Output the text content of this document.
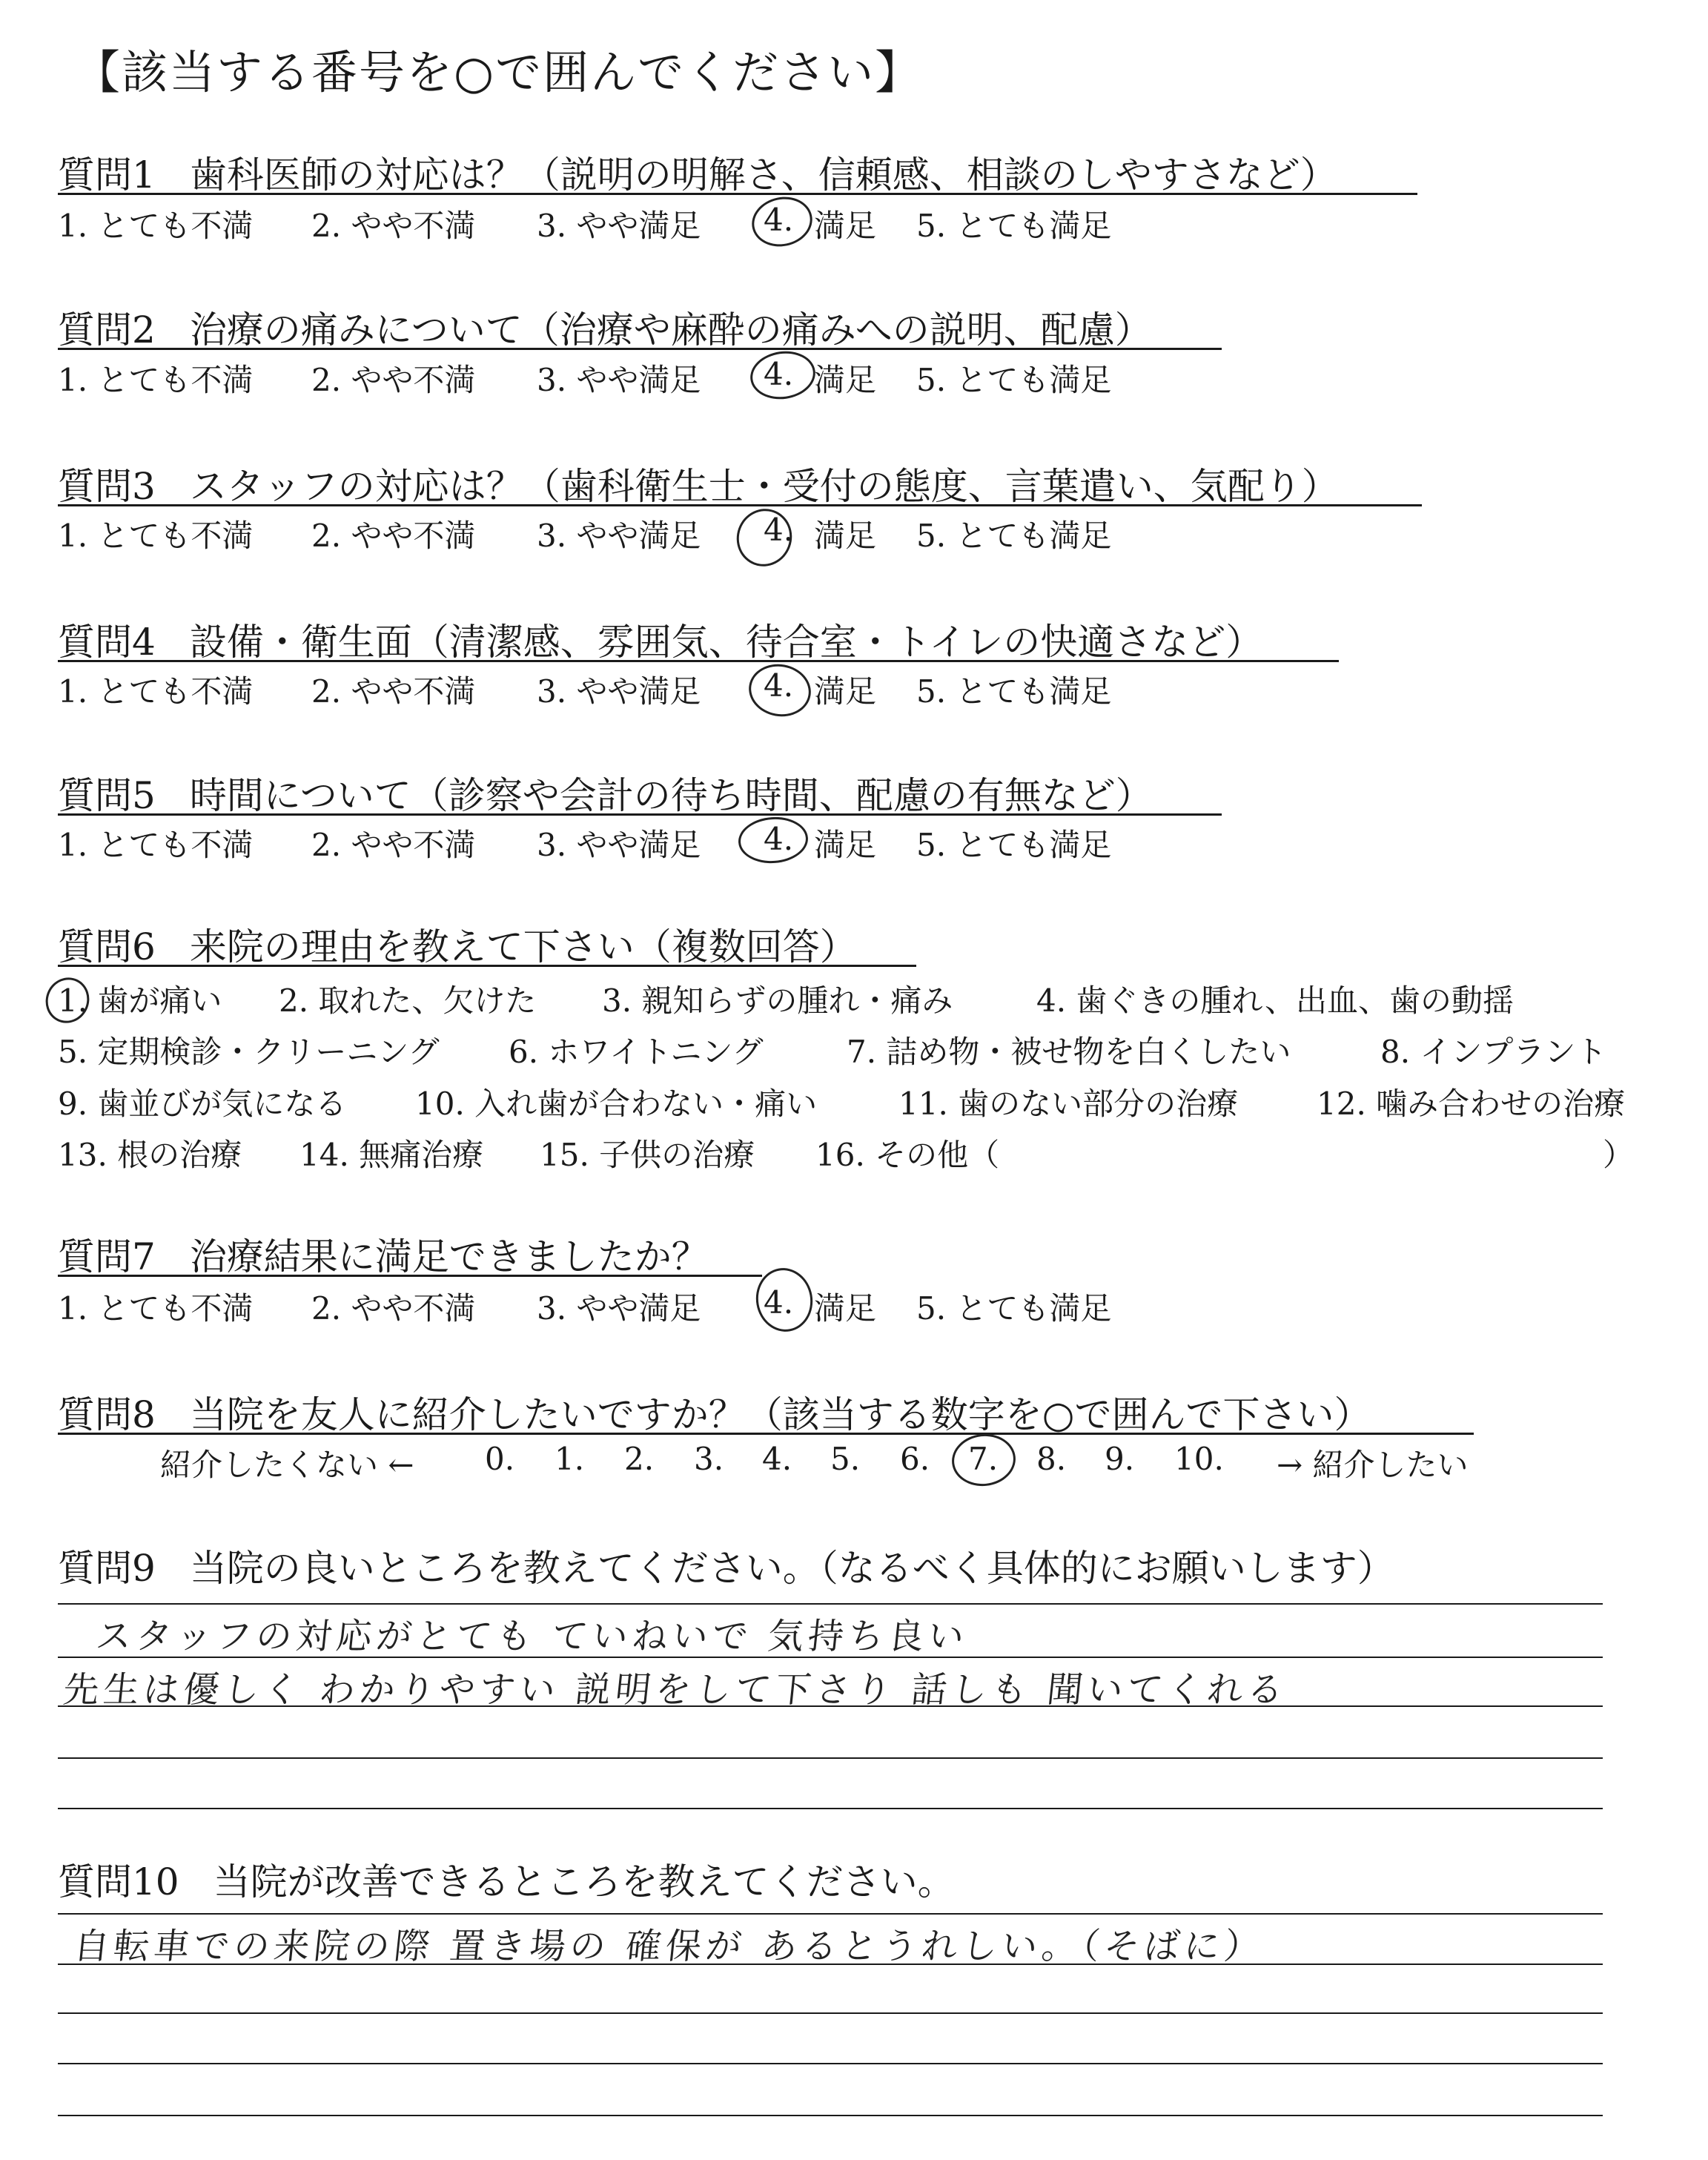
【該当する番号を○で囲んでください】
質問1 歯科医師の対応は？（説明の明解さ、信頼感、相談のしやすさなど）
1. とても不満 2. やや不満 3. やや満足 4. 満足 5. とても満足
質問2 治療の痛みについて（治療や麻酔の痛みへの説明、配慮）
1. とても不満 2. やや不満 3. やや満足 4. 満足 5. とても満足
質問3 スタッフの対応は？（歯科衛生士・受付の態度、言葉遣い、気配り）
1. とても不満 2. やや不満 3. やや満足 4. 満足 5. とても満足
質問4 設備・衛生面（清潔感、雰囲気、待合室・トイレの快適さなど）
1. とても不満 2. やや不満 3. やや満足 4. 満足 5. とても満足
質問5 時間について（診察や会計の待ち時間、配慮の有無など）
1. とても不満 2. やや不満 3. やや満足 4. 満足 5. とても満足
質問6 来院の理由を教えて下さい（複数回答）
1. 歯が痛い 2. 取れた、欠けた 3. 親知らずの腫れ・痛み	4. 歯ぐきの腫れ、出血、歯の動揺
5. 定期検診・クリーニング 6. ホワイトニング	7. 詰め物・被せ物を白くしたい	8. インプラント
9. 歯並びが気になる 10. 入れ歯が合わない・痛い	11. 歯のない部分の治療	12. 噛み合わせの治療
13. 根の治療 14. 無痛治療 15. 子供の治療 16. その他（	）
質問7 治療結果に満足できましたか？
1. とても不満 2. やや不満 3. やや満足 4. 満足 5. とても満足
質問8 当院を友人に紹介したいですか？（該当する数字を○で囲んで下さい）
紹介したくない ← 0. 1. 2. 3. 4. 5. 6. 7. 8. 9. 10. → 紹介したい
質問9 当院の良いところを教えてください。（なるべく具体的にお願いします）
スタッフの対応がとても ていねいで 気持ち良い
先生は優しく わかりやすい 説明をして下さり 話しも 聞いてくれる
質問10 当院が改善できるところを教えてください。
自転車での来院の際 置き場の 確保が あるとうれしい。（そばに）
